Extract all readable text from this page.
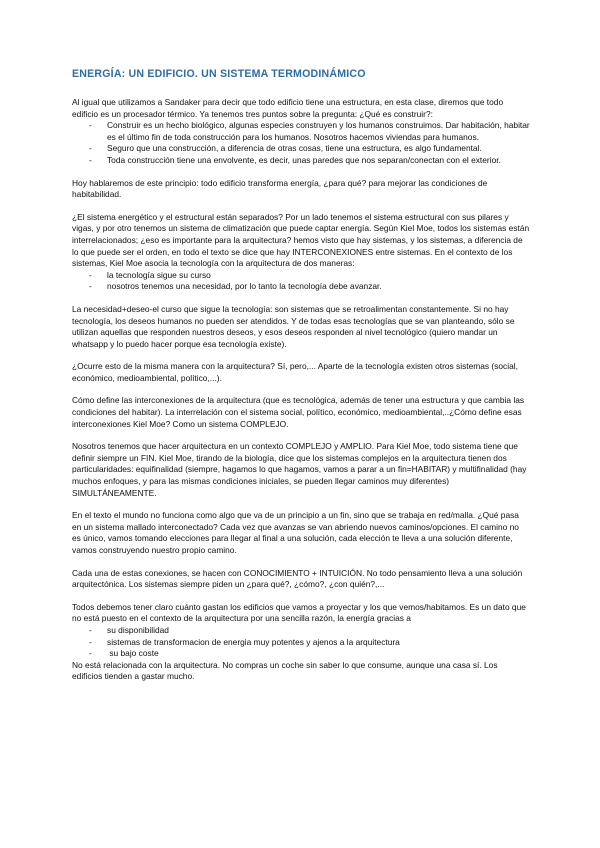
ENERGÍA: UN EDIFICIO. UN SISTEMA TERMODINÁMICO

Al igual que utilizamos a Sandaker para decir que todo edificio tiene una estructura, en esta clase, diremos que todo edificio es un procesador térmico. Ya tenemos tres puntos sobre la pregunta: ¿Qué es construir?:

- Construir es un hecho biológico, algunas especies construyen y los humanos construimos. Dar habitación, habitar es el último fin de toda construcción para los humanos. Nosotros hacemos viviendas para humanos.
- Seguro que una construcción, a diferencia de otras cosas, tiene una estructura, es algo fundamental.
- Toda construcción tiene una envolvente, es decir, unas paredes que nos separan/conectan con el exterior.

Hoy hablaremos de este principio: todo edificio transforma energía, ¿para qué? para mejorar las condiciones de habitabilidad.

¿El sistema energético y el estructural están separados? Por un lado tenemos el sistema estructural con sus pilares y vigas, y por otro tenemos un sistema de climatización que puede captar energía. Según Kiel Moe, todos los sistemas están interrelacionados; ¿eso es importante para la arquitectura? hemos visto que hay sistemas, y los sistemas, a diferencia de lo que puede ser el orden, en todo el texto se dice que hay INTERCONEXIONES entre sistemas. En el contexto de los sistemas, Kiel Moe asocia la tecnología con la arquitectura de dos maneras:

- la tecnología sigue su curso
- nosotros tenemos una necesidad, por lo tanto la tecnología debe avanzar.

La necesidad+deseo-el curso que sigue la tecnología: son sistemas que se retroalimentan constantemente. Si no hay tecnología, los deseos humanos no pueden ser atendidos. Y de todas esas tecnologías que se van planteando, sólo se utilizan aquellas que responden nuestros deseos, y esos deseos responden al nivel tecnológico (quiero mandar un whatsapp y lo puedo hacer porque esa tecnología existe).

¿Ocurre esto de la misma manera con la arquitectura? Sí, pero,... Aparte de la tecnología existen otros sistemas (social, económico, medioambiental, político,...).

Cómo define las interconexiones de la arquitectura (que es tecnológica, además de tener una estructura y que cambia las condiciones del habitar). La interrelación con el sistema social, político, económico, medioambiental,..¿Cómo define esas interconexiones Kiel Moe? Como un sistema COMPLEJO.

Nosotros tenemos que hacer arquitectura en un contexto COMPLEJO y AMPLIO. Para Kiel Moe, todo sistema tiene que definir siempre un FIN. Kiel Moe, tirando de la biología, dice que los sistemas complejos en la arquitectura tienen dos particularidades: equifinalidad (siempre, hagamos lo que hagamos, vamos a parar a un fin=HABITAR) y multifinalidad (hay muchos enfoques, y para las mismas condiciones iniciales, se pueden llegar caminos muy diferentes) SIMULTÁNEAMENTE.

En el texto el mundo no funciona como algo que va de un principio a un fin, sino que se trabaja en red/malla. ¿Qué pasa en un sistema mallado interconectado? Cada vez que avanzas se van abriendo nuevos caminos/opciones. El camino no es único, vamos tomando elecciones para llegar al final a una solución, cada elección te lleva a una solución diferente, vamos construyendo nuestro propio camino.

Cada una de estas conexiones, se hacen con CONOCIMIENTO + INTUICIÓN. No todo pensamiento lleva a una solución arquitectónica. Los sistemas siempre piden un ¿para qué?, ¿cómo?, ¿con quién?,...

Todos debemos tener claro cuánto gastan los edificios que vamos a proyectar y los que vemos/habitamos. Es un dato que no está puesto en el contexto de la arquitectura por una sencilla razón, la energía gracias a

- su disponibilidad
- sistemas de transformacion de energia muy potentes y ajenos a la arquitectura
- su bajo coste

No está relacionada con la arquitectura. No compras un coche sin saber lo que consume, aunque una casa sí. Los edificios tienden a gastar mucho.
